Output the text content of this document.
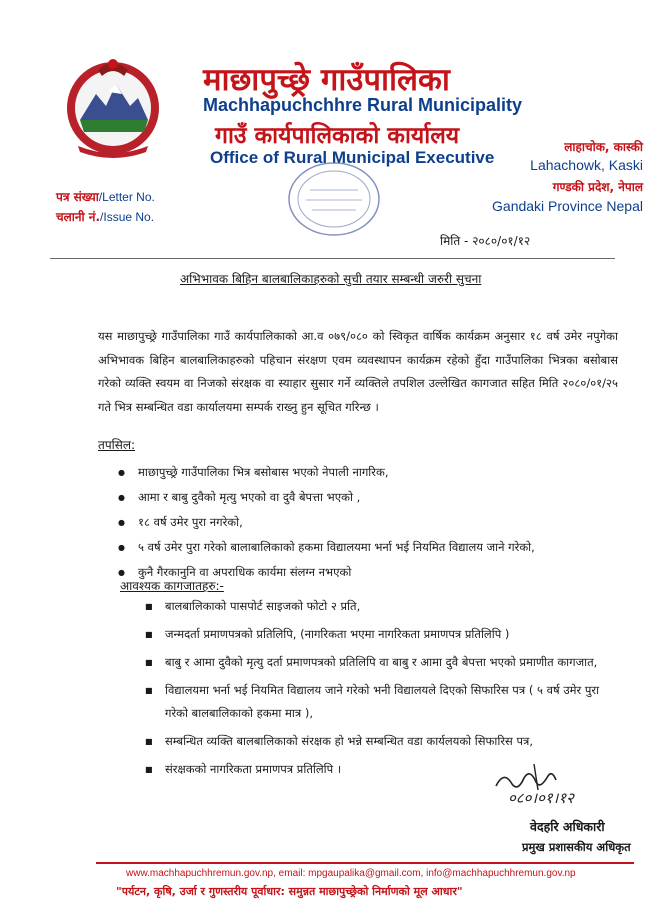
माछापुच्छ्रे गाउँपालिका
Machhapuchchhre Rural Municipality
गाउँ कार्यपालिकाको कार्यालय
Office of Rural Municipal Executive
लाहाचोक, कास्की
Lahachowk, Kaski
गण्डकी प्रदेश, नेपाल
Gandaki Province Nepal
पत्र संख्या/Letter No.
चलानी नं./Issue No.
मिति - २०८०/०१/१२
अभिभावक बिहिन बालबालिकाहरुको सुची तयार सम्बन्धी जरुरी सुचना
यस माछापुच्छ्रे गाउँपालिका गाउँ कार्यपालिकाको आ.व ०७९/०८० को स्विकृत वार्षिक कार्यक्रम अनुसार १८ वर्ष उमेर नपुगेका अभिभावक बिहिन बालबालिकाहरुको पहिचान संरक्षण एवम व्यवस्थापन कार्यक्रम रहेको हुँदा गाउँपालिका भित्रका बसोबास गरेको व्यक्ति स्वयम वा निजको संरक्षक वा स्याहार सुसार गर्ने व्यक्तिले तपशिल उल्लेखित कागजात सहित मिति २०८०/०१/२५ गते भित्र सम्बन्धित वडा कार्यालयमा सम्पर्क राख्नु हुन सूचित गरिन्छ ।
तपसिल:
● माछापुच्छ्रे गाउँपालिका भित्र बसोबास भएको नेपाली नागरिक,
● आमा र बाबु दुवैको मृत्यु भएको वा दुवै बेपत्ता भएको ,
● १८ वर्ष उमेर पुरा नगरेको,
● ५ वर्ष उमेर पुरा गरेको बालाबालिकाको हकमा विद्यालयमा भर्ना भई नियमित विद्यालय जाने गरेको,
● कुनै गैरकानुनि वा अपराधिक कार्यमा संलग्न नभएको
आवश्यक कागजातहरु:-
■ बालबालिकाको पासपोर्ट साइजको फोटो २ प्रति,
■ जन्मदर्ता प्रमाणपत्रको प्रतिलिपि, (नागरिकता भएमा नागरिकता प्रमाणपत्र प्रतिलिपि )
■ बाबु र आमा दुवैको मृत्यु दर्ता प्रमाणपत्रको प्रतिलिपि वा बाबु र आमा दुवै बेपत्ता भएको प्रमाणीत कागजात,
■ विद्यालयमा भर्ना भई नियमित विद्यालय जाने गरेको भनी विद्यालयले दिएको सिफारिस पत्र ( ५ वर्ष उमेर पुरा गरेको बालबालिकाको हकमा मात्र ),
■ सम्बन्धित व्यक्ति बालबालिकाको संरक्षक हो भन्ने सम्बन्धित वडा कार्यलयको सिफारिस पत्र,
■ संरक्षकको नागरिकता प्रमाणपत्र प्रतिलिपि ।
०८०।०१।१२
वेदहरि अधिकारी
प्रमुख प्रशासकीय अधिकृत
www.machhapuchhremun.gov.np, email: mpgaupalika@gmail.com, info@machhapuchhremun.gov.np
"पर्यटन, कृषि, उर्जा र गुणस्तरीय पूर्वाधार: समुन्नत माछापुच्छ्रेको निर्माणको मूल आधार"
